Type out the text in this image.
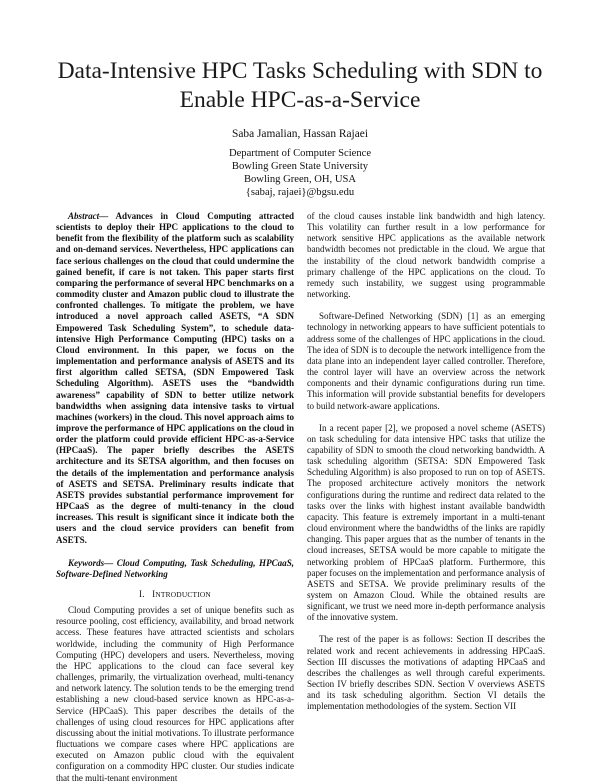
Data-Intensive HPC Tasks Scheduling with SDN to Enable HPC-as-a-Service
Saba Jamalian, Hassan Rajaei
Department of Computer Science
Bowling Green State University
Bowling Green, OH, USA
{sabaj, rajaei}@bgsu.edu

Abstract— Advances in Cloud Computing attracted scientists to deploy their HPC applications to the cloud to benefit from the flexibility of the platform such as scalability and on-demand services. Nevertheless, HPC applications can face serious challenges on the cloud that could undermine the gained benefit, if care is not taken. This paper starts first comparing the performance of several HPC benchmarks on a commodity cluster and Amazon public cloud to illustrate the confronted challenges. To mitigate the problem, we have introduced a novel approach called ASETS, “A SDN Empowered Task Scheduling System”, to schedule data-intensive High Performance Computing (HPC) tasks on a Cloud environment. In this paper, we focus on the implementation and performance analysis of ASETS and its first algorithm called SETSA, (SDN Empowered Task Scheduling Algorithm). ASETS uses the “bandwidth awareness” capability of SDN to better utilize network bandwidths when assigning data intensive tasks to virtual machines (workers) in the cloud. This novel approach aims to improve the performance of HPC applications on the cloud in order the platform could provide efficient HPC-as-a-Service (HPCaaS). The paper briefly describes the ASETS architecture and its SETSA algorithm, and then focuses on the details of the implementation and performance analysis of ASETS and SETSA. Preliminary results indicate that ASETS provides substantial performance improvement for HPCaaS as the degree of multi-tenancy in the cloud increases. This result is significant since it indicate both the users and the cloud service providers can benefit from ASETS.

Keywords— Cloud Computing, Task Scheduling, HPCaaS, Software-Defined Networking

I. INTRODUCTION

Cloud Computing provides a set of unique benefits such as resource pooling, cost efficiency, availability, and broad network access. These features have attracted scientists and scholars worldwide, including the community of High Performance Computing (HPC) developers and users. Nevertheless, moving the HPC applications to the cloud can face several key challenges, primarily, the virtualization overhead, multi-tenancy and network latency. The solution tends to be the emerging trend establishing a new cloud-based service known as HPC-as-a-Service (HPCaaS). This paper describes the details of the challenges of using cloud resources for HPC applications after discussing about the initial motivations. To illustrate performance fluctuations we compare cases where HPC applications are executed on Amazon public cloud with the equivalent configuration on a commodity HPC cluster. Our studies indicate that the multi-tenant environment

of the cloud causes instable link bandwidth and high latency. This volatility can further result in a low performance for network sensitive HPC applications as the available network bandwidth becomes not predictable in the cloud. We argue that the instability of the cloud network bandwidth comprise a primary challenge of the HPC applications on the cloud. To remedy such instability, we suggest using programmable networking.

Software-Defined Networking (SDN) [1] as an emerging technology in networking appears to have sufficient potentials to address some of the challenges of HPC applications in the cloud. The idea of SDN is to decouple the network intelligence from the data plane into an independent layer called controller. Therefore, the control layer will have an overview across the network components and their dynamic configurations during run time. This information will provide substantial benefits for developers to build network-aware applications.

In a recent paper [2], we proposed a novel scheme (ASETS) on task scheduling for data intensive HPC tasks that utilize the capability of SDN to smooth the cloud networking bandwidth. A task scheduling algorithm (SETSA: SDN Empowered Task Scheduling Algorithm) is also proposed to run on top of ASETS. The proposed architecture actively monitors the network configurations during the runtime and redirect data related to the tasks over the links with highest instant available bandwidth capacity. This feature is extremely important in a multi-tenant cloud environment where the bandwidths of the links are rapidly changing. This paper argues that as the number of tenants in the cloud increases, SETSA would be more capable to mitigate the networking problem of HPCaaS platform. Furthermore, this paper focuses on the implementation and performance analysis of ASETS and SETSA. We provide preliminary results of the system on Amazon Cloud. While the obtained results are significant, we trust we need more in-depth performance analysis of the innovative system.

The rest of the paper is as follows: Section II describes the related work and recent achievements in addressing HPCaaS. Section III discusses the motivations of adapting HPCaaS and describes the challenges as well through careful experiments. Section IV briefly describes SDN. Section V overviews ASETS and its task scheduling algorithm. Section VI details the implementation methodologies of the system. Section VII
